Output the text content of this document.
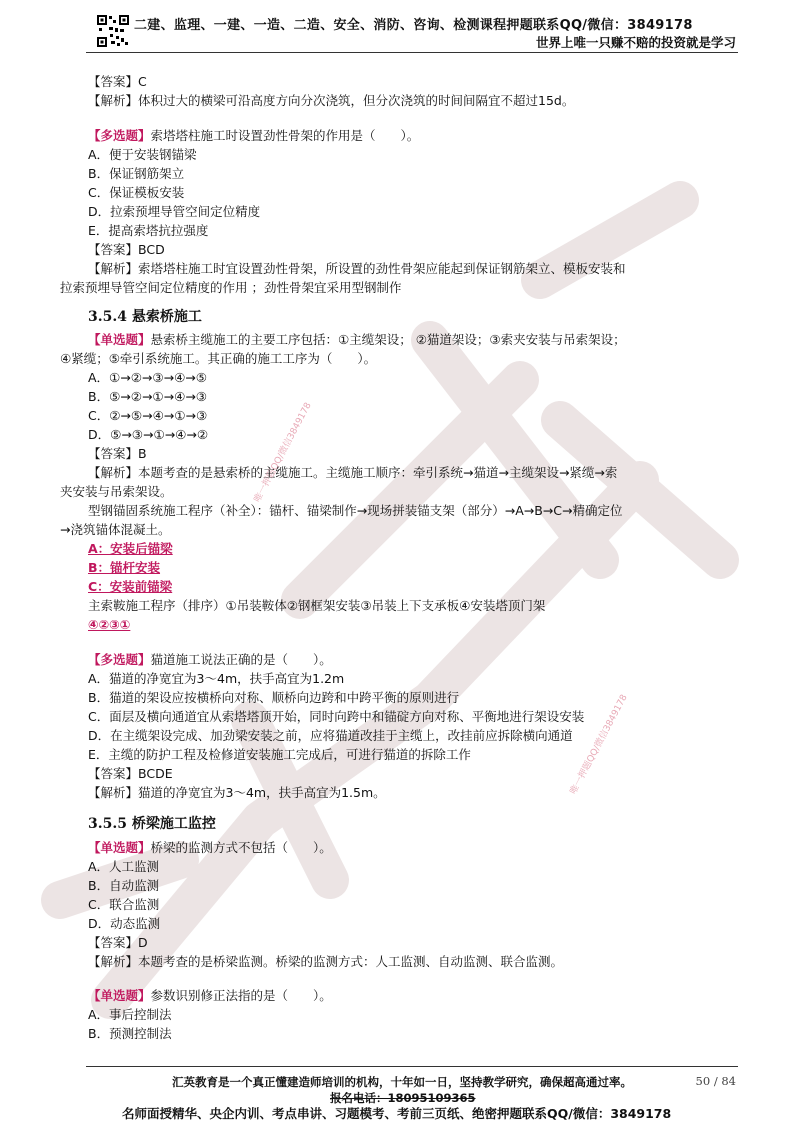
二建、监理、一建、一造、二造、安全、消防、咨询、检测课程押题联系QQ/微信：3849178
世界上唯一只赚不赔的投资就是学习
唯一押题QQ/微信3849178
唯一押题QQ/微信3849178
【答案】C
【解析】体积过大的横梁可沿高度方向分次浇筑，但分次浇筑的时间间隔宜不超过15d。
【多选题】索塔塔柱施工时设置劲性骨架的作用是（　　）。
A．便于安装钢锚梁
B．保证钢筋架立
C．保证模板安装
D．拉索预埋导管空间定位精度
E．提高索塔抗拉强度
【答案】BCD
【解析】索塔塔柱施工时宜设置劲性骨架，所设置的劲性骨架应能起到保证钢筋架立、模板安装和
拉索预埋导管空间定位精度的作用 ；劲性骨架宜采用型钢制作
3.5.4 悬索桥施工
【单选题】悬索桥主缆施工的主要工序包括：①主缆架设； ②猫道架设；③索夹安装与吊索架设；
④紧缆；⑤牵引系统施工。其正确的施工工序为（　　）。
A．①→②→③→④→⑤
B．⑤→②→①→④→③
C．②→⑤→④→①→③
D．⑤→③→①→④→②
【答案】B
【解析】本题考查的是悬索桥的主缆施工。主缆施工顺序：牵引系统→猫道→主缆架设→紧缆→索
夹安装与吊索架设。
型钢锚固系统施工程序（补全）：锚杆、锚梁制作→现场拼装锚支架（部分）→A→B→C→精确定位
→浇筑锚体混凝土。
A：安装后锚梁
B：锚杆安装
C：安装前锚梁
主索鞍施工程序（排序）①吊装鞍体②钢框架安装③吊装上下支承板④安装塔顶门架
④②③①
【多选题】猫道施工说法正确的是（　　）。
A．猫道的净宽宜为3～4m，扶手高宜为1.2m
B．猫道的架设应按横桥向对称、顺桥向边跨和中跨平衡的原则进行
C．面层及横向通道宜从索塔塔顶开始，同时向跨中和锚碇方向对称、平衡地进行架设安装
D．在主缆架设完成、加劲梁安装之前，应将猫道改挂于主缆上，改挂前应拆除横向通道
E．主缆的防护工程及检修道安装施工完成后，可进行猫道的拆除工作
【答案】BCDE
【解析】猫道的净宽宜为3～4m，扶手高宜为1.5m。
3.5.5 桥梁施工监控
【单选题】桥梁的监测方式不包括（　　）。
A．人工监测
B．自动监测
C．联合监测
D．动态监测
【答案】D
【解析】本题考查的是桥梁监测。桥梁的监测方式：人工监测、自动监测、联合监测。
【单选题】参数识别修正法指的是（　　）。
A．事后控制法
B．预测控制法
汇英教育是一个真正懂建造师培训的机构，十年如一日，坚持教学研究，确保超高通过率。	50 / 84
报名电话：18095109365
名师面授精华、央企内训、考点串讲、习题模考、考前三页纸、绝密押题联系QQ/微信：3849178
